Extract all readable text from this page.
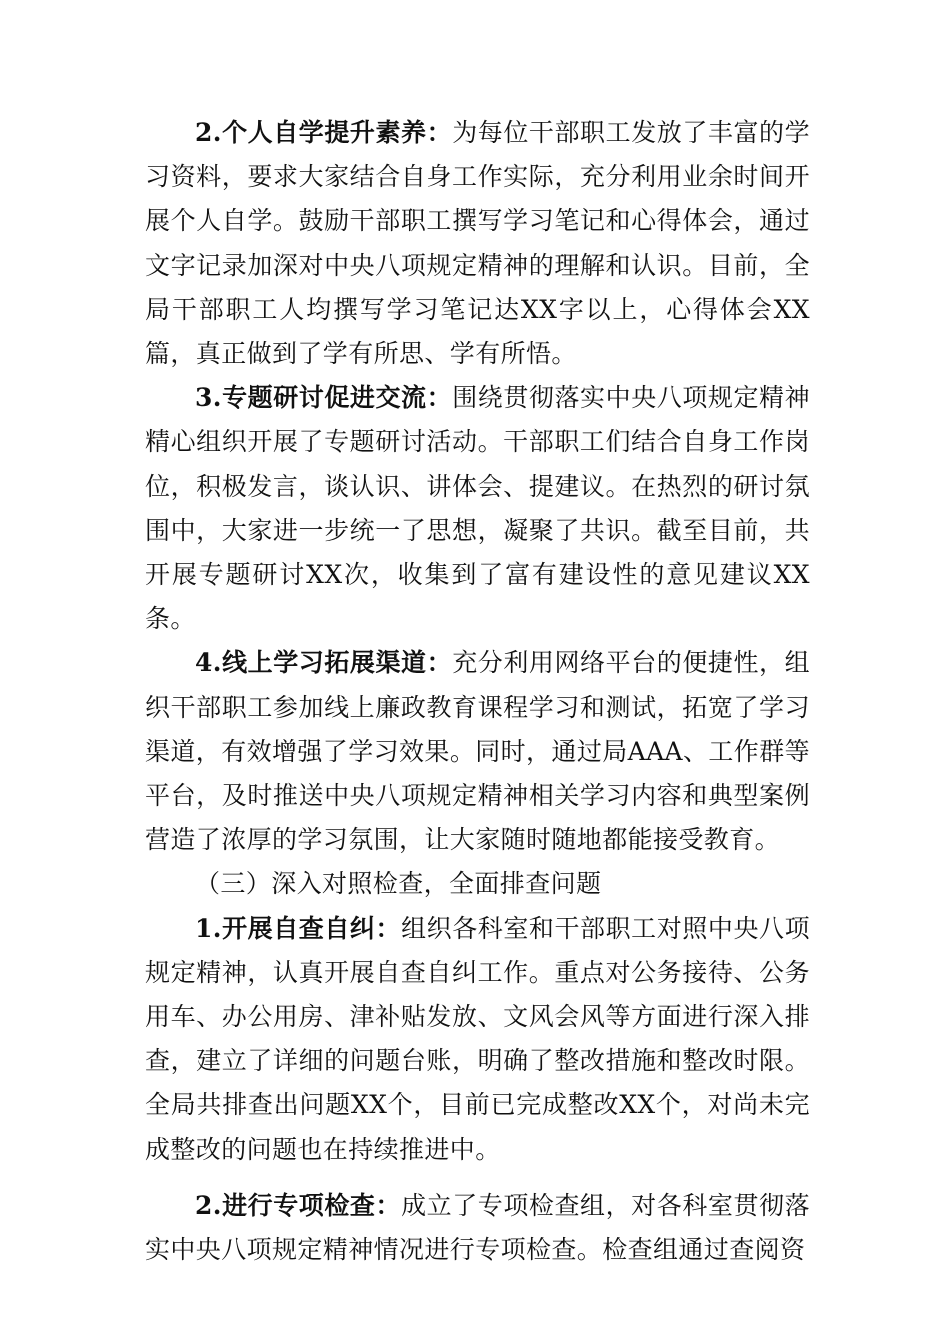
2.个人自学提升素养：为每位干部职工发放了丰富的学习资料，要求大家结合自身工作实际，充分利用业余时间开展个人自学。鼓励干部职工撰写学习笔记和心得体会，通过文字记录加深对中央八项规定精神的理解和认识。目前，全局干部职工人均撰写学习笔记达XX字以上，心得体会XX篇，真正做到了学有所思、学有所悟。

3.专题研讨促进交流：围绕贯彻落实中央八项规定精神精心组织开展了专题研讨活动。干部职工们结合自身工作岗位，积极发言，谈认识、讲体会、提建议。在热烈的研讨氛围中，大家进一步统一了思想，凝聚了共识。截至目前，共开展专题研讨XX次，收集到了富有建设性的意见建议XX条。

4.线上学习拓展渠道：充分利用网络平台的便捷性，组织干部职工参加线上廉政教育课程学习和测试，拓宽了学习渠道，有效增强了学习效果。同时，通过局AAA、工作群等平台，及时推送中央八项规定精神相关学习内容和典型案例营造了浓厚的学习氛围，让大家随时随地都能接受教育。

（三）深入对照检查，全面排查问题

1.开展自查自纠：组织各科室和干部职工对照中央八项规定精神，认真开展自查自纠工作。重点对公务接待、公务用车、办公用房、津补贴发放、文风会风等方面进行深入排查，建立了详细的问题台账，明确了整改措施和整改时限。全局共排查出问题XX个，目前已完成整改XX个，对尚未完成整改的问题也在持续推进中。

2.进行专项检查：成立了专项检查组，对各科室贯彻落实中央八项规定精神情况进行专项检查。检查组通过查阅资
